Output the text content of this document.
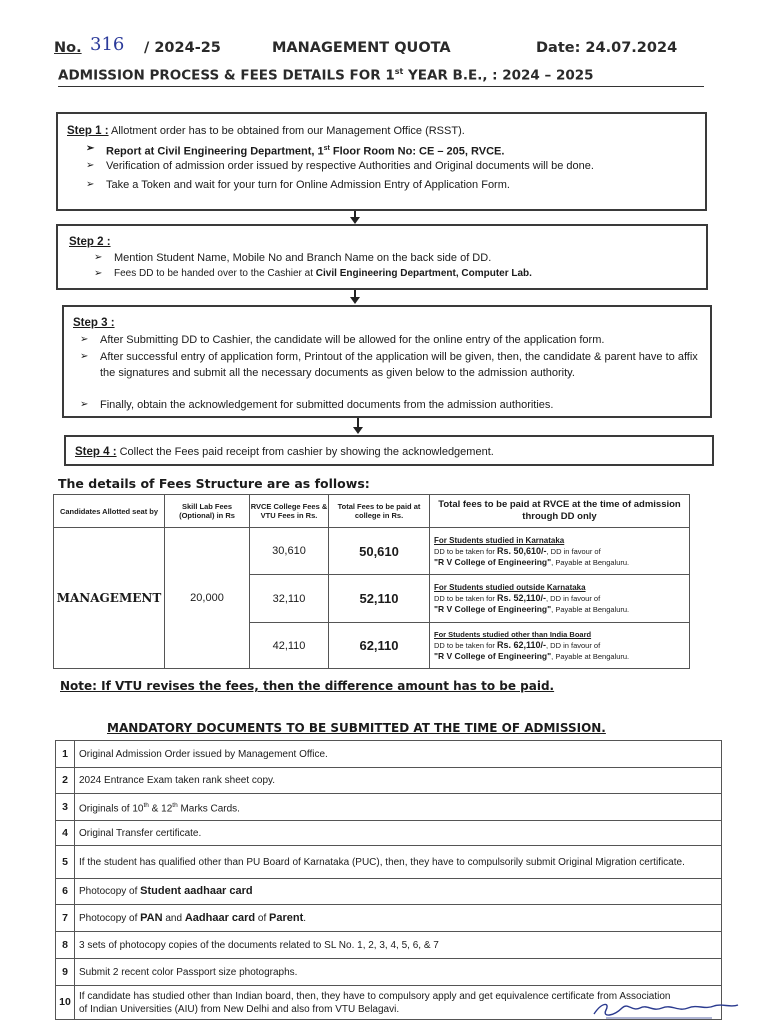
No. 316 / 2024-25	MANAGEMENT QUOTA	Date: 24.07.2024
ADMISSION PROCESS & FEES DETAILS FOR 1st YEAR B.E., : 2024 – 2025
Step 1 : Allotment order has to be obtained from our Management Office (RSST).
➢ Report at Civil Engineering Department, 1st Floor Room No: CE – 205, RVCE.
➢ Verification of admission order issued by respective Authorities and Original documents will be done.
➢ Take a Token and wait for your turn for Online Admission Entry of Application Form.
Step 2 :
➢ Mention Student Name, Mobile No and Branch Name on the back side of DD.
➢ Fees DD to be handed over to the Cashier at Civil Engineering Department, Computer Lab.
Step 3 :
➢ After Submitting DD to Cashier, the candidate will be allowed for the online entry of the application form.
➢ After successful entry of application form, Printout of the application will be given, then, the candidate & parent have to affix the signatures and submit all the necessary documents as given below to the admission authority.
➢ Finally, obtain the acknowledgement for submitted documents from the admission authorities.
Step 4 : Collect the Fees paid receipt from cashier by showing the acknowledgement.
The details of Fees Structure are as follows:
Candidates Allotted seat by	Skill Lab Fees (Optional) in Rs	RVCE College Fees & VTU Fees in Rs.	Total Fees to be paid at college in Rs.	Total fees to be paid at RVCE at the time of admission through DD only
MANAGEMENT	20,000	30,610	50,610	For Students studied in Karnataka
DD to be taken for Rs. 50,610/-, DD in favour of
"R V College of Engineering", Payable at Bengaluru.

		32,110	52,110	For Students studied outside Karnataka
DD to be taken for Rs. 52,110/-, DD in favour of
"R V College of Engineering", Payable at Bengaluru.

		42,110	62,110	For Students studied other than India Board
DD to be taken for Rs. 62,110/-, DD in favour of
"R V College of Engineering", Payable at Bengaluru.
Note: If VTU revises the fees, then the difference amount has to be paid.
MANDATORY DOCUMENTS TO BE SUBMITTED AT THE TIME OF ADMISSION.
1	Original Admission Order issued by Management Office.
2	2024 Entrance Exam taken rank sheet copy.
3	Originals of 10th & 12th Marks Cards.
4	Original Transfer certificate.
5	If the student has qualified other than PU Board of Karnataka (PUC), then, they have to compulsorily submit Original Migration certificate.
6	Photocopy of Student aadhaar card
7	Photocopy of PAN and Aadhaar card of Parent.
8	3 sets of photocopy copies of the documents related to SL No. 1, 2, 3, 4, 5, 6, & 7
9	Submit 2 recent color Passport size photographs.
10	If candidate has studied other than Indian board, then, they have to compulsory apply and get equivalence certificate from Association of Indian Universities (AIU) from New Delhi and also from VTU Belagavi.
